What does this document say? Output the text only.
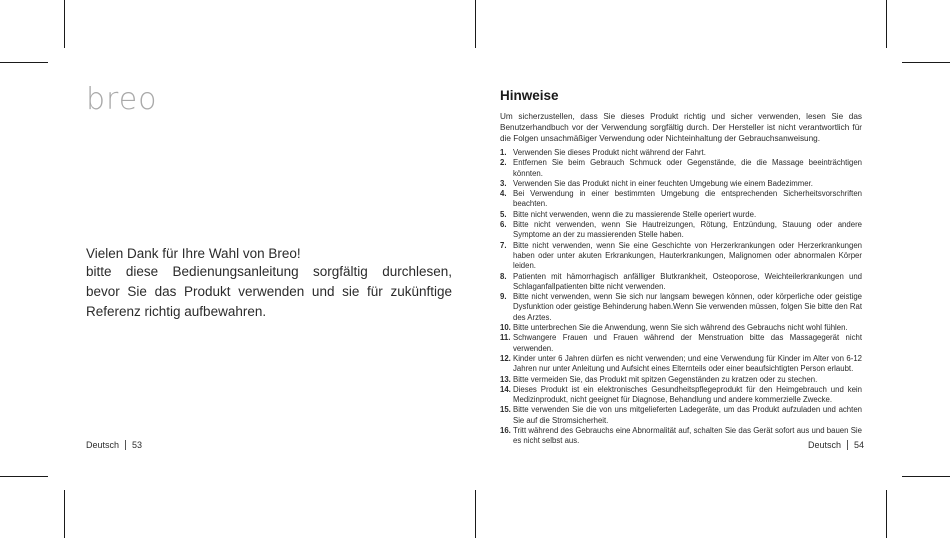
breo
Vielen Dank für Ihre Wahl von Breo!
bitte diese Bedienungsanleitung sorgfältig durchlesen,
bevor Sie das Produkt verwenden und sie für zukünftige
Referenz richtig aufbewahren.
Deutsch 53
Hinweise
Um sicherzustellen, dass Sie dieses Produkt richtig und sicher verwenden, lesen Sie das Benutzerhandbuch vor der Verwendung sorgfältig durch. Der Hersteller ist nicht verantwortlich für die Folgen unsachmäßiger Verwendung oder Nichteinhaltung der Gebrauchsanweisung.
1. Verwenden Sie dieses Produkt nicht während der Fahrt.
2. Entfernen Sie beim Gebrauch Schmuck oder Gegenstände, die die Massage beeinträchtigen könnten.
3. Verwenden Sie das Produkt nicht in einer feuchten Umgebung wie einem Badezimmer.
4. Bei Verwendung in einer bestimmten Umgebung die entsprechenden Sicherheitsvorschriften beachten.
5. Bitte nicht verwenden, wenn die zu massierende Stelle operiert wurde.
6. Bitte nicht verwenden, wenn Sie Hautreizungen, Rötung, Entzündung, Stauung oder andere Symptome an der zu massierenden Stelle haben.
7. Bitte nicht verwenden, wenn Sie eine Geschichte von Herzerkrankungen oder Herzerkrankungen haben oder unter akuten Erkrankungen, Hauterkrankungen, Malignomen oder abnormalen Körper leiden.
8. Patienten mit hämorrhagisch anfälliger Blutkrankheit, Osteoporose, Weichteilerkrankungen und Schlaganfallpatienten bitte nicht verwenden.
9. Bitte nicht verwenden, wenn Sie sich nur langsam bewegen können, oder körperliche oder geistige Dysfunktion oder geistige Behinderung haben.Wenn Sie verwenden müssen, folgen Sie bitte den Rat des Arztes.
10. Bitte unterbrechen Sie die Anwendung, wenn Sie sich während des Gebrauchs nicht wohl fühlen.
11. Schwangere Frauen und Frauen während der Menstruation bitte das Massagegerät nicht verwenden.
12. Kinder unter 6 Jahren dürfen es nicht verwenden; und eine Verwendung für Kinder im Alter von 6-12 Jahren nur unter Anleitung und Aufsicht eines Elternteils oder einer beaufsichtigten Person erlaubt.
13. Bitte vermeiden Sie, das Produkt mit spitzen Gegenständen zu kratzen oder zu stechen.
14. Dieses Produkt ist ein elektronisches Gesundheitspflegeprodukt für den Heimgebrauch und kein Medizinprodukt, nicht geeignet für Diagnose, Behandlung und andere kommerzielle Zwecke.
15. Bitte verwenden Sie die von uns mitgelieferten Ladegeräte, um das Produkt aufzuladen und achten Sie auf die Stromsicherheit.
16. Tritt während des Gebrauchs eine Abnormalität auf, schalten Sie das Gerät sofort aus und bauen Sie es nicht selbst aus.	Deutsch 54
